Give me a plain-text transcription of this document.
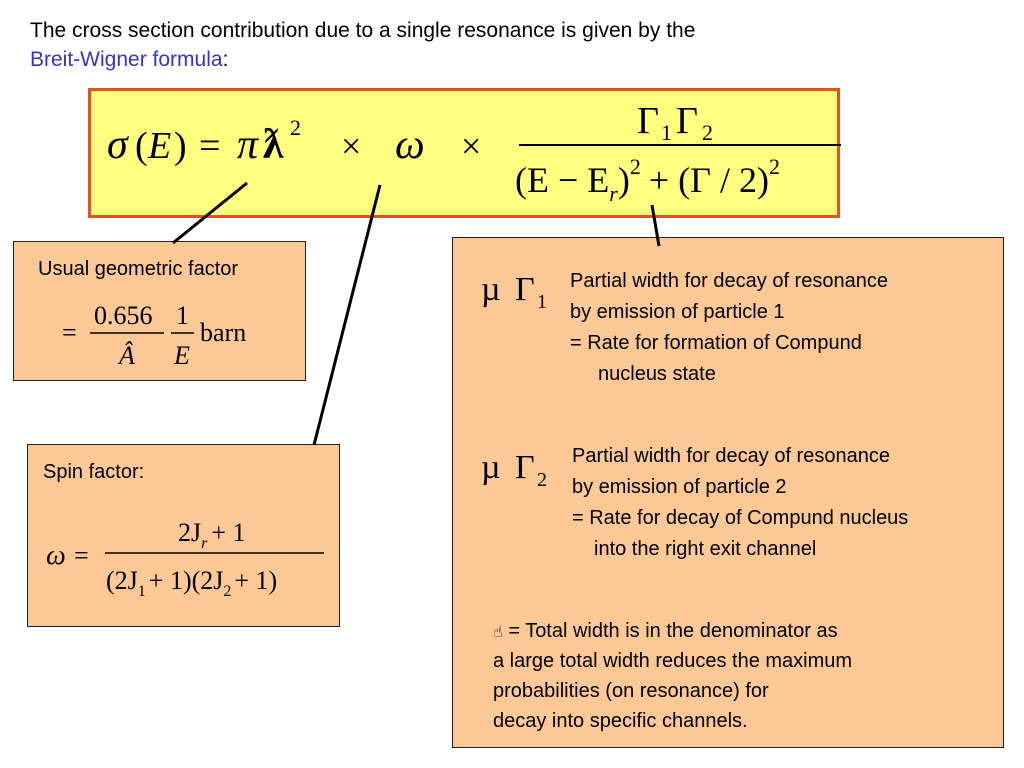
The cross section contribution due to a single resonance is given by the
Breit-Wigner formula:
σ ( E ) = π ƛ 2 × ω ×
Γ 1 Γ 2
$(E - E_r)^2 + (\Gamma / 2)^2$
Usual geometric factor
=
0.656
Â
1
E
barn
Spin factor:
ω =
$2J_r + 1$
$(2J_1 + 1)(2J_2 + 1)$
µ Γ 1
Partial width for decay of resonance
by emission of particle 1
= Rate for formation of Compund
nucleus state
µ Γ 2
Partial width for decay of resonance
by emission of particle 2
= Rate for decay of Compund nucleus
into the right exit channel
☝ = Total width is in the denominator as
a large total width reduces the maximum
probabilities (on resonance) for
decay into specific channels.
